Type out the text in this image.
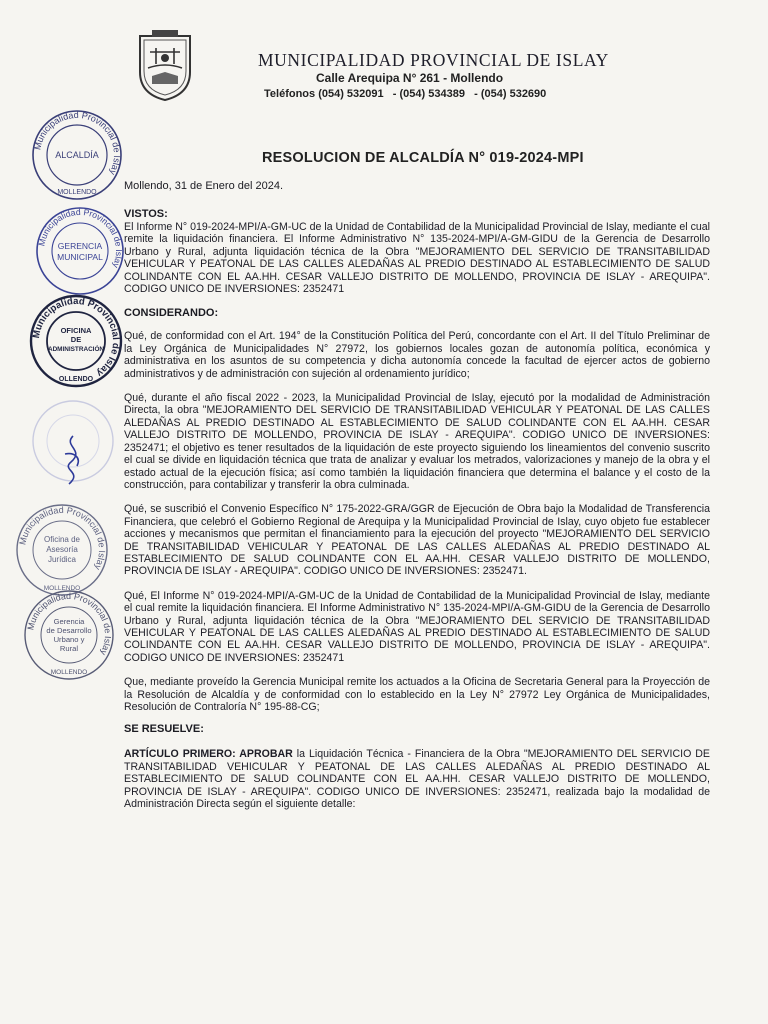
MUNICIPALIDAD PROVINCIAL DE ISLAY
Calle Arequipa N° 261 - Mollendo
Teléfonos (054) 532091   - (054) 534389   - (054) 532690
RESOLUCION DE ALCALDÍA N° 019-2024-MPI
Mollendo, 31 de Enero del 2024.

VISTOS:

El Informe N° 019-2024-MPI/A-GM-UC de la Unidad de Contabilidad de la Municipalidad Provincial de Islay, mediante el cual remite la liquidación financiera. El Informe Administrativo N° 135-2024-MPI/A-GM-GIDU de la Gerencia de Desarrollo Urbano y Rural, adjunta liquidación técnica de la Obra "MEJORAMIENTO DEL SERVICIO DE TRANSITABILIDAD VEHICULAR Y PEATONAL DE LAS CALLES ALEDAÑAS AL PREDIO DESTINADO AL ESTABLECIMIENTO DE SALUD COLINDANTE CON EL AA.HH. CESAR VALLEJO DISTRITO DE MOLLENDO, PROVINCIA DE ISLAY - AREQUIPA". CODIGO UNICO DE INVERSIONES: 2352471

CONSIDERANDO:

Qué, de conformidad con el Art. 194° de la Constitución Política del Perú, concordante con el Art. II del Título Preliminar de la Ley Orgánica de Municipalidades N° 27972, los gobiernos locales gozan de autonomía política, económica y administrativa en los asuntos de su competencia y dicha autonomía concede la facultad de ejercer actos de gobierno administrativos y de administración con sujeción al ordenamiento jurídico;

Qué, durante el año fiscal 2022 - 2023, la Municipalidad Provincial de Islay, ejecutó por la modalidad de Administración Directa, la obra "MEJORAMIENTO DEL SERVICIO DE TRANSITABILIDAD VEHICULAR Y PEATONAL DE LAS CALLES ALEDAÑAS AL PREDIO DESTINADO AL ESTABLECIMIENTO DE SALUD COLINDANTE CON EL AA.HH. CESAR VALLEJO DISTRITO DE MOLLENDO, PROVINCIA DE ISLAY - AREQUIPA". CODIGO UNICO DE INVERSIONES: 2352471; el objetivo es tener resultados de la liquidación de este proyecto siguiendo los lineamientos del convenio suscrito el cual se divide en liquidación técnica que trata de analizar y evaluar los metrados, valorizaciones y manejo de la obra y el estado actual de la ejecución física; así como también la liquidación financiera que determina el balance y el costo de la construcción, para contabilizar y transferir la obra culminada.

Qué, se suscribió el Convenio Específico N° 175-2022-GRA/GGR de Ejecución de Obra bajo la Modalidad de Transferencia Financiera, que celebró el Gobierno Regional de Arequipa y la Municipalidad Provincial de Islay, cuyo objeto fue establecer acciones y mecanismos que permitan el financiamiento para la ejecución del proyecto "MEJORAMIENTO DEL SERVICIO DE TRANSITABILIDAD VEHICULAR Y PEATONAL DE LAS CALLES ALEDAÑAS AL PREDIO DESTINADO AL ESTABLECIMIENTO DE SALUD COLINDANTE CON EL AA.HH. CESAR VALLEJO DISTRITO DE MOLLENDO, PROVINCIA DE ISLAY - AREQUIPA". CODIGO UNICO DE INVERSIONES: 2352471.

Qué, El Informe N° 019-2024-MPI/A-GM-UC de la Unidad de Contabilidad de la Municipalidad Provincial de Islay, mediante el cual remite la liquidación financiera. El Informe Administrativo N° 135-2024-MPI/A-GM-GIDU de la Gerencia de Desarrollo Urbano y Rural, adjunta liquidación técnica de la Obra "MEJORAMIENTO DEL SERVICIO DE TRANSITABILIDAD VEHICULAR Y PEATONAL DE LAS CALLES ALEDAÑAS AL PREDIO DESTINADO AL ESTABLECIMIENTO DE SALUD COLINDANTE CON EL AA.HH. CESAR VALLEJO DISTRITO DE MOLLENDO, PROVINCIA DE ISLAY - AREQUIPA". CODIGO UNICO DE INVERSIONES: 2352471

Que, mediante proveído la Gerencia Municipal remite los actuados a la Oficina de Secretaria General para la Proyección de la Resolución de Alcaldía y de conformidad con lo establecido en la Ley N° 27972 Ley Orgánica de Municipalidades, Resolución de Contraloría N° 195-88-CG;

SE RESUELVE:

ARTÍCULO PRIMERO: APROBAR la Liquidación Técnica - Financiera de la Obra "MEJORAMIENTO DEL SERVICIO DE TRANSITABILIDAD VEHICULAR Y PEATONAL DE LAS CALLES ALEDAÑAS AL PREDIO DESTINADO AL ESTABLECIMIENTO DE SALUD COLINDANTE CON EL AA.HH. CESAR VALLEJO DISTRITO DE MOLLENDO, PROVINCIA DE ISLAY - AREQUIPA". CODIGO UNICO DE INVERSIONES: 2352471, realizada bajo la modalidad de Administración Directa según el siguiente detalle:

Municipalidad Provincial de Islay
ALCALDÍA
MOLLENDO
Municipalidad Provincial de Islay
GERENCIA
MUNICIPAL
Municipalidad Provincial de Islay
OFICINA
DE
ADMINISTRACIÓN
OLLENDO
Municipalidad Provincial de Islay
Oficina de
Asesoría
Jurídica
MOLLENDO
Municipalidad Provincial de Islay
Gerencia
de Desarrollo
Urbano y
Rural
MOLLENDO
